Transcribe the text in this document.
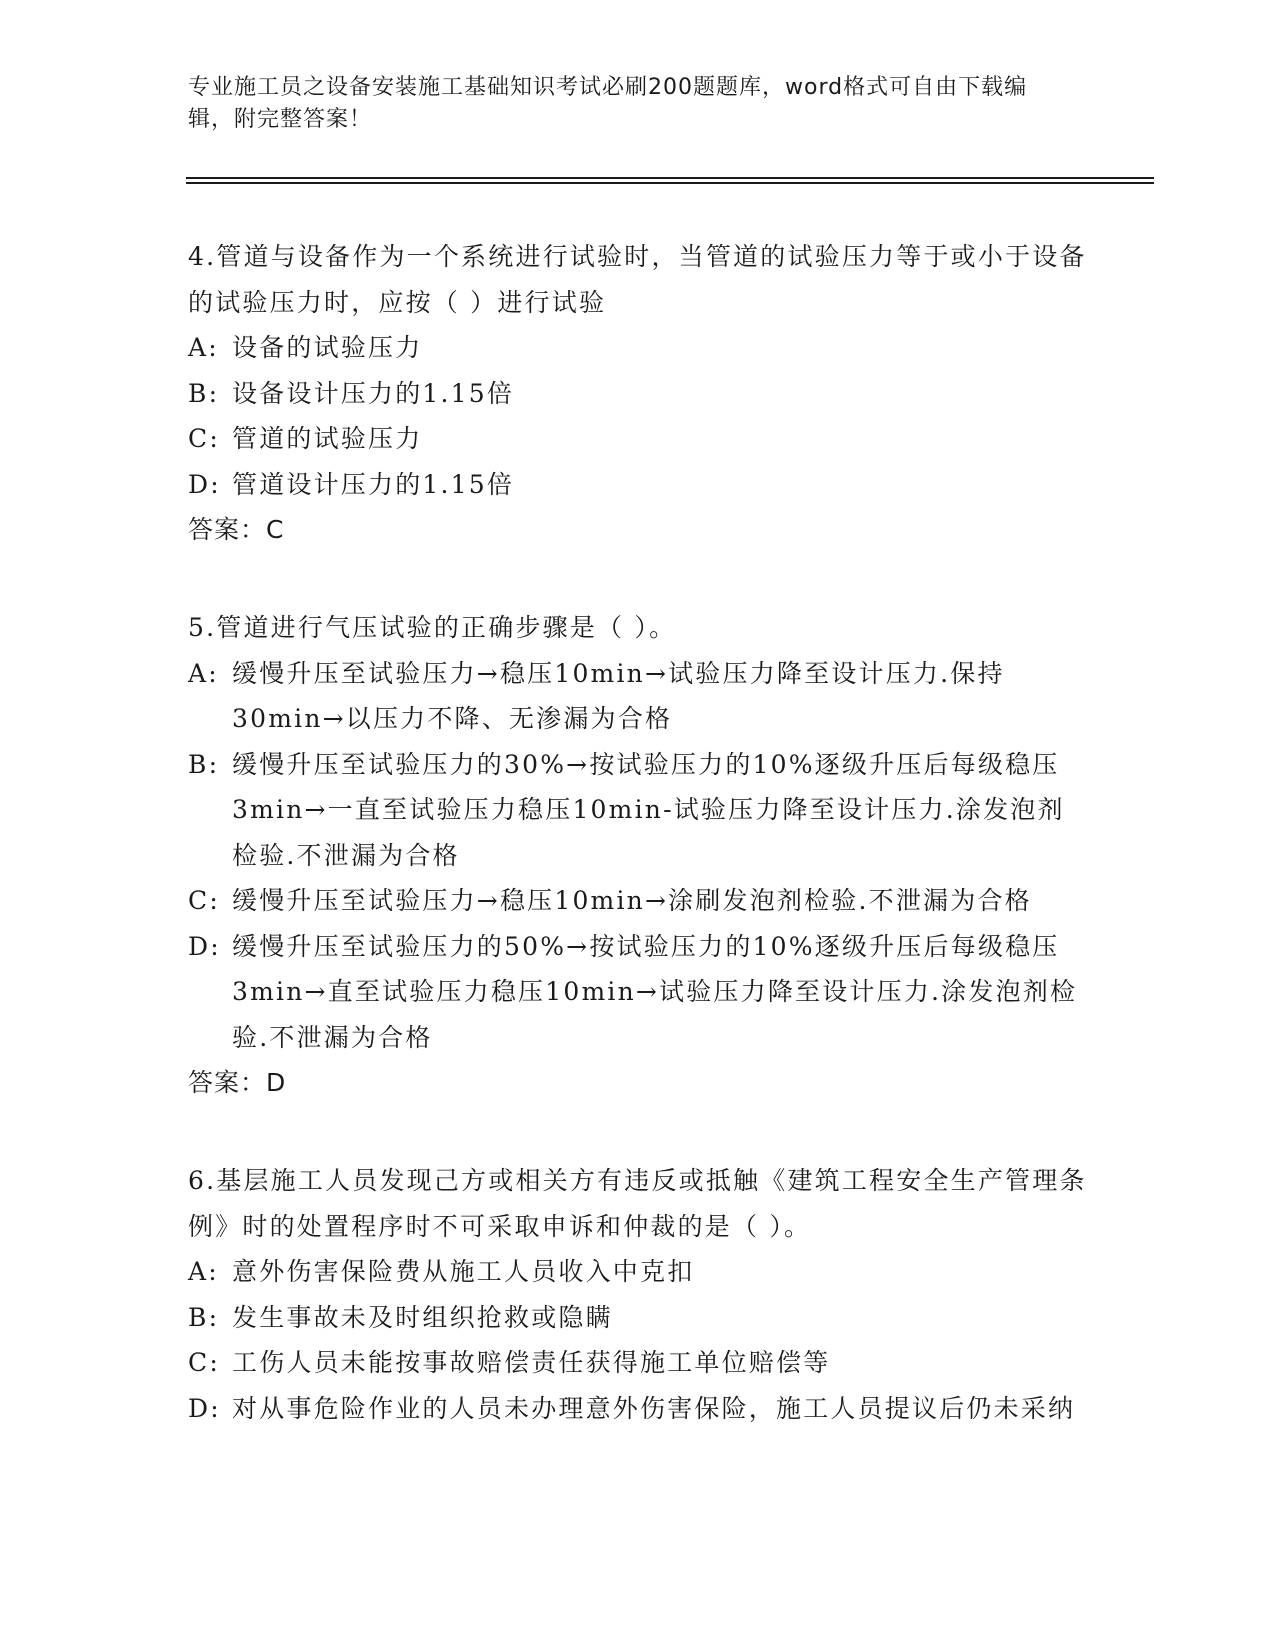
专业施工员之设备安装施工基础知识考试必刷200题题库，word格式可自由下载编辑，附完整答案！
4.管道与设备作为一个系统进行试验时，当管道的试验压力等于或小于设备的试验压力时，应按（ ）进行试验
A: 设备的试验压力
B: 设备设计压力的1.15倍
C: 管道的试验压力
D: 管道设计压力的1.15倍
答案：C
5.管道进行气压试验的正确步骤是（ ）。
A: 缓慢升压至试验压力→稳压10min→试验压力降至设计压力.保持30min→以压力不降、无渗漏为合格
B: 缓慢升压至试验压力的30%→按试验压力的10%逐级升压后每级稳压3min→一直至试验压力稳压10min-试验压力降至设计压力.涂发泡剂检验.不泄漏为合格
C: 缓慢升压至试验压力→稳压10min→涂刷发泡剂检验.不泄漏为合格
D: 缓慢升压至试验压力的50%→按试验压力的10%逐级升压后每级稳压3min→直至试验压力稳压10min→试验压力降至设计压力.涂发泡剂检验.不泄漏为合格
答案：D
6.基层施工人员发现己方或相关方有违反或抵触《建筑工程安全生产管理条例》时的处置程序时不可采取申诉和仲裁的是（ ）。
A: 意外伤害保险费从施工人员收入中克扣
B: 发生事故未及时组织抢救或隐瞒
C: 工伤人员未能按事故赔偿责任获得施工单位赔偿等
D: 对从事危险作业的人员未办理意外伤害保险，施工人员提议后仍未采纳
